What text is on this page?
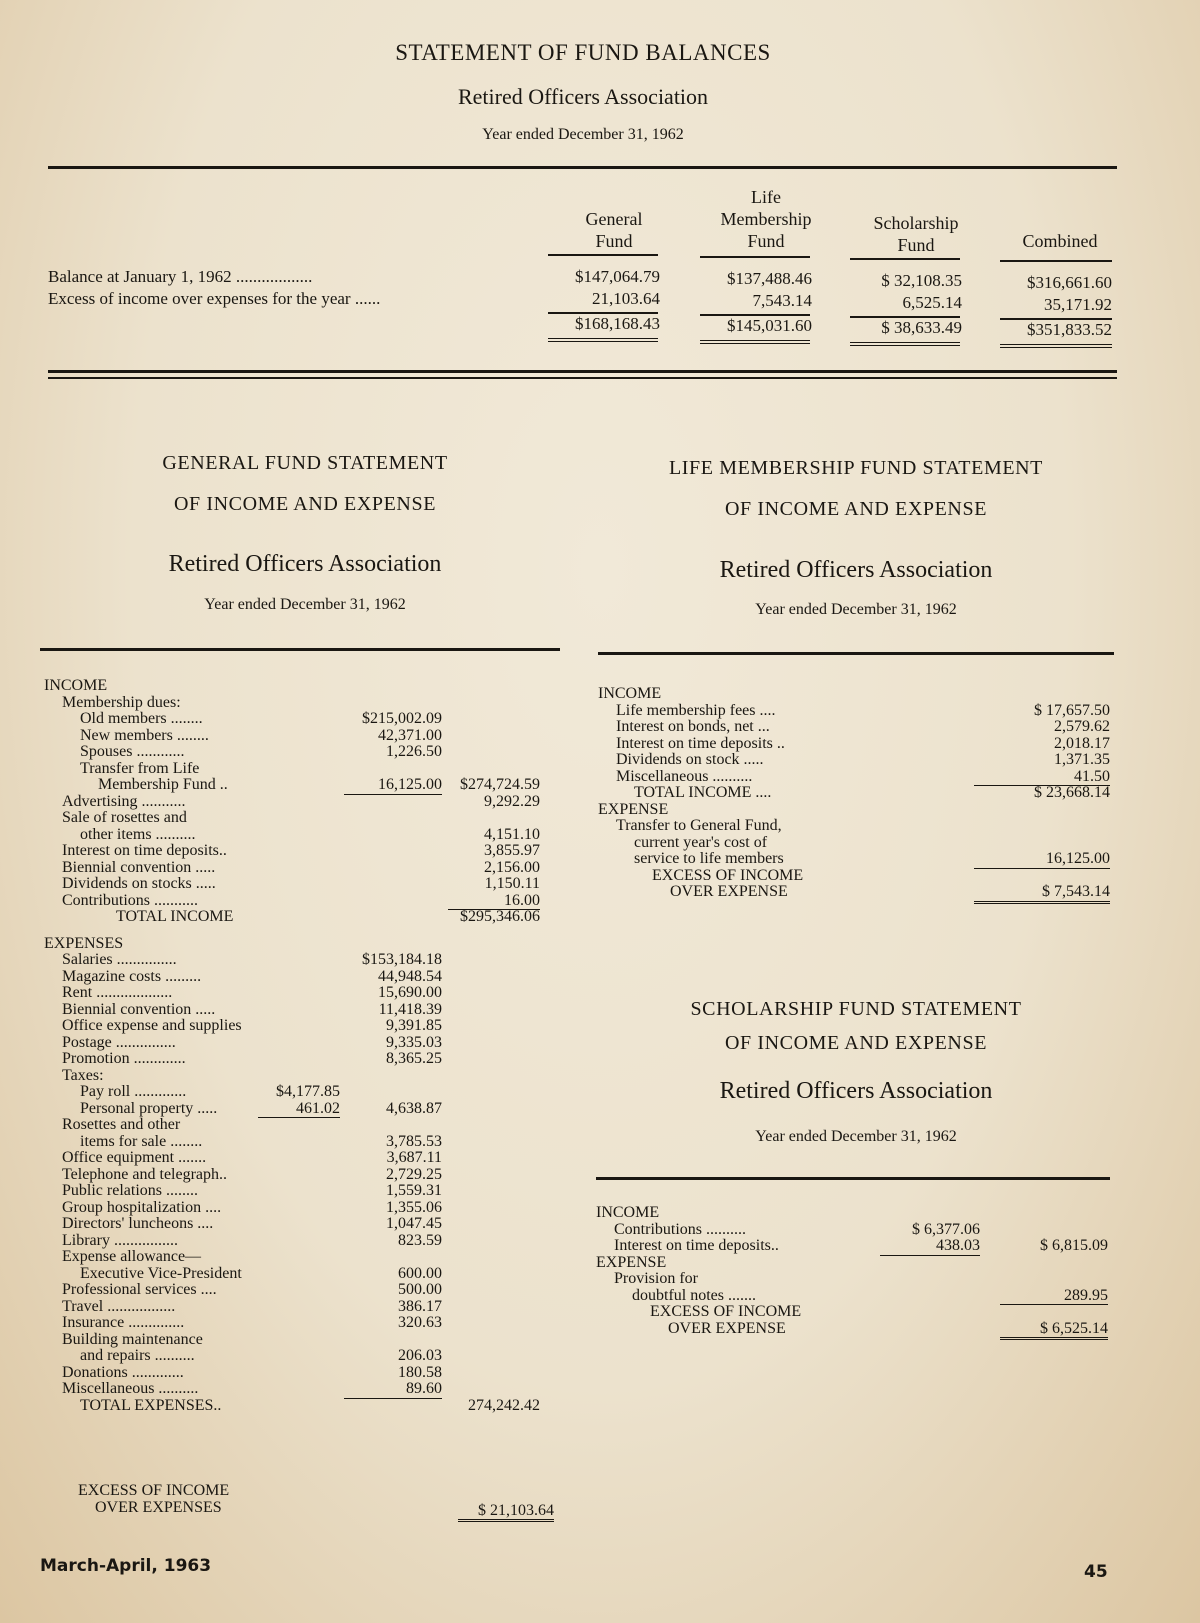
STATEMENT OF FUND BALANCES
Retired Officers Association
Year ended December 31, 1962
General
Fund
Life
Membership
Fund
Scholarship
Fund	Combined
Balance at January 1, 1962 ..................	$147,064.79	$137,488.46	$ 32,108.35	$316,661.60
Excess of income over expenses for the year ......	21,103.64	7,543.14	6,525.14	35,171.92
$168,168.43	$145,031.60	$ 38,633.49	$351,833.52
GENERAL FUND STATEMENT
OF INCOME AND EXPENSE
Retired Officers Association
Year ended December 31, 1962
INCOME
Membership dues:
Old members ........	$215,002.09
New members ........	42,371.00
Spouses ............	1,226.50
Transfer from Life
Membership Fund ..	16,125.00	$274,724.59
Advertising ...........	9,292.29
Sale of rosettes and
other items ..........	4,151.10
Interest on time deposits..	3,855.97
Biennial convention .....	2,156.00
Dividends on stocks .....	1,150.11
Contributions ...........	16.00
TOTAL INCOME	$295,346.06
EXPENSES
Salaries ...............	$153,184.18
Magazine costs .........	44,948.54
Rent ...................	15,690.00
Biennial convention .....	11,418.39
Office expense and supplies	9,391.85
Postage ...............	9,335.03
Promotion .............	8,365.25
Taxes:
Pay roll .............	$4,177.85
Personal property .....	461.02	4,638.87
Rosettes and other
items for sale ........	3,785.53
Office equipment .......	3,687.11
Telephone and telegraph..	2,729.25
Public relations ........	1,559.31
Group hospitalization ....	1,355.06
Directors' luncheons ....	1,047.45
Library ................	823.59
Expense allowance—
Executive Vice-President	600.00
Professional services ....	500.00
Travel .................	386.17
Insurance ..............	320.63
Building maintenance
and repairs ..........	206.03
Donations .............	180.58
Miscellaneous ..........	89.60
TOTAL EXPENSES..	274,242.42
EXCESS OF INCOME
OVER EXPENSES	$ 21,103.64
LIFE MEMBERSHIP FUND STATEMENT
OF INCOME AND EXPENSE
Retired Officers Association
Year ended December 31, 1962
INCOME
Life membership fees ....	$ 17,657.50
Interest on bonds, net ...	2,579.62
Interest on time deposits ..	2,018.17
Dividends on stock .....	1,371.35
Miscellaneous ..........	41.50
TOTAL INCOME ....	$ 23,668.14
EXPENSE
Transfer to General Fund,
current year's cost of
service to life members	16,125.00
EXCESS OF INCOME
OVER EXPENSE	$ 7,543.14
SCHOLARSHIP FUND STATEMENT
OF INCOME AND EXPENSE
Retired Officers Association
Year ended December 31, 1962
INCOME
Contributions ..........	$ 6,377.06
Interest on time deposits..	438.03	$ 6,815.09
EXPENSE
Provision for
doubtful notes .......	289.95
EXCESS OF INCOME
OVER EXPENSE	$ 6,525.14
March-April, 1963	45
